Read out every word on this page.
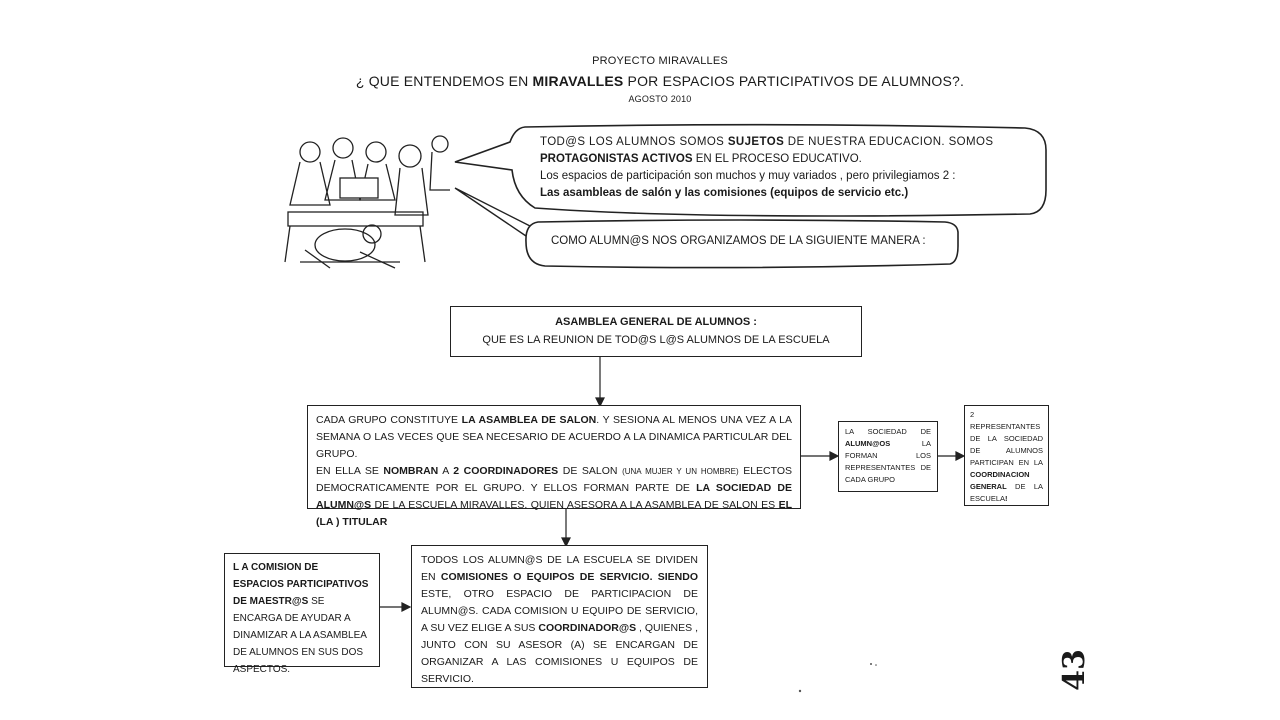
PROYECTO MIRAVALLES
¿ QUE ENTENDEMOS EN MIRAVALLES POR ESPACIOS PARTICIPATIVOS DE ALUMNOS?.
AGOSTO 2010
TOD@S LOS ALUMNOS SOMOS SUJETOS DE NUESTRA EDUCACION. SOMOS
PROTAGONISTAS ACTIVOS EN EL PROCESO EDUCATIVO.
Los espacios de participación son muchos y muy variados , pero privilegiamos 2 :
Las asambleas de salón y las comisiones (equipos de servicio etc.)
COMO ALUMN@S NOS ORGANIZAMOS DE LA SIGUIENTE MANERA :

ASAMBLEA GENERAL DE ALUMNOS :

QUE ES LA REUNION DE TOD@S L@S ALUMNOS DE LA ESCUELA

CADA GRUPO CONSTITUYE LA ASAMBLEA DE SALON. Y SESIONA AL MENOS UNA VEZ A LA SEMANA O LAS VECES QUE SEA NECESARIO DE ACUERDO A LA DINAMICA PARTICULAR DEL GRUPO.

EN ELLA SE NOMBRAN A 2 COORDINADORES DE SALON (UNA MUJER Y UN HOMBRE) ELECTOS DEMOCRATICAMENTE POR EL GRUPO. Y ELLOS FORMAN PARTE DE LA SOCIEDAD DE ALUMN@S DE LA ESCUELA MIRAVALLES. QUIEN ASESORA A LA ASAMBLEA DE SALON ES EL (LA ) TITULAR

LA SOCIEDAD DE ALUMN@OS LA FORMAN LOS REPRESENTANTES DE CADA GRUPO

2 REPRESENTANTES DE LA SOCIEDAD DE ALUMNOS PARTICIPAN EN LA COORDINACION GENERAL DE LA ESCUELA!

L A COMISION DE ESPACIOS PARTICIPATIVOS DE MAESTR@S SE ENCARGA DE AYUDAR A DINAMIZAR A LA ASAMBLEA DE ALUMNOS EN SUS DOS ASPECTOS.

TODOS LOS ALUMN@S DE LA ESCUELA SE DIVIDEN EN COMISIONES O EQUIPOS DE SERVICIO. SIENDO ESTE, OTRO ESPACIO DE PARTICIPACION DE ALUMN@S. CADA COMISION U EQUIPO DE SERVICIO, A SU VEZ ELIGE A SUS COORDINADOR@S , QUIENES , JUNTO CON SU ASESOR (A) SE ENCARGAN DE ORGANIZAR A LAS COMISIONES U EQUIPOS DE SERVICIO.	43
